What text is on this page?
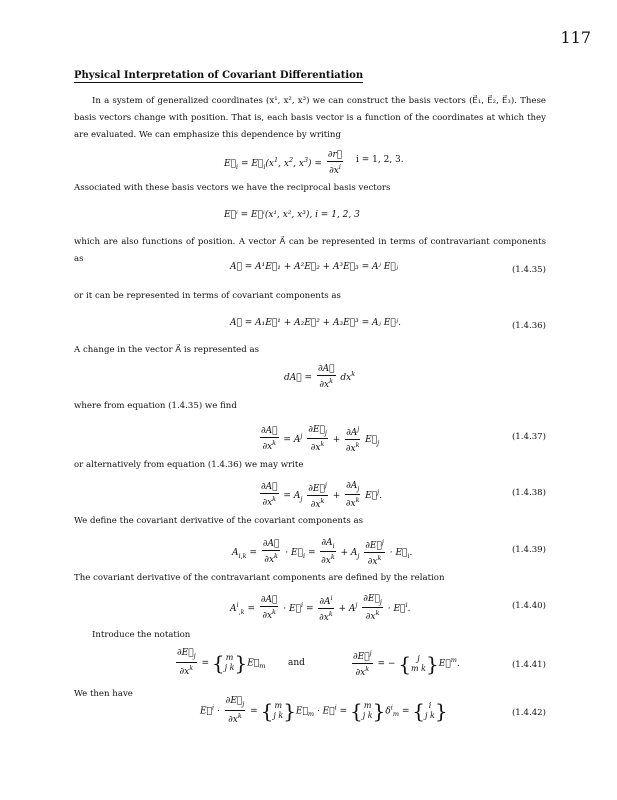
117
Physical Interpretation of Covariant Differentiation

In a system of generalized coordinates (x¹, x², x³) we can construct the basis vectors (E⃗₁, E⃗₂, E⃗₃). These basis vectors change with position. That is, each basis vector is a function of the coordinates at which they are evaluated. We can emphasize this dependence by writing

$E⃗_i$ = $E⃗_i(x^1$, $x^2$, $x^3) = \frac{\partial r⃗}{\partial x^i}$ i = 1, 2, 3.

Associated with these basis vectors we have the reciprocal basis vectors

E⃗ⁱ = E⃗ⁱ(x¹, x², x³), i = 1, 2, 3

which are also functions of position. A vector A⃗ can be represented in terms of contravariant components as

A⃗ = A¹E⃗₁ + A²E⃗₂ + A³E⃗₃ = Aʲ E⃗ⱼ	(1.4.35)

or it can be represented in terms of covariant components as

A⃗ = A₁E⃗¹ + A₂E⃗² + A₃E⃗³ = Aⱼ E⃗ʲ.	(1.4.36)

A change in the vector A⃗ is represented as

dA⃗ = $\frac{\partial A⃗}{\partial x^k} dx^k$

where from equation (1.4.35) we find

$\frac{\partial A⃗}{\partial x^k} = A^j \frac{\partial E⃗_j}{\partial x^k} + \frac{\partial A^j}{\partial x^k}$ $E⃗_j$
(1.4.37)

or alternatively from equation (1.4.36) we may write

$\frac{\partial A⃗}{\partial x^k} = A_j \frac{\partial E⃗^j}{\partial x^k} + \frac{\partial A_j}{\partial x^k}$ E⃗$^j$.	(1.4.38)

We define the covariant derivative of the covariant components as

$A_{i,k} = \frac{\partial A⃗}{\partial x^k}$ · $E⃗_i = \frac{\partial A_i}{\partial x^k} + A_j \frac{\partial E⃗^j}{\partial x^k}$ · $E⃗_i$.	(1.4.39)

The covariant derivative of the contravariant components are defined by the relation

$A^i_{,k} = \frac{\partial A⃗}{\partial x^k}$ · E⃗$^i$ = $\frac{\partial A^i}{\partial x^k} + A^j \frac{\partial E⃗_j}{\partial x^k}$ · E⃗$^i$.	(1.4.40)

Introduce the notation

$\frac{\partial E⃗_j}{\partial x^k}$ = { m
j k }$E⃗_m$	and	$\frac{\partial E⃗^j}{\partial x^k}$ = − { j
m k }E⃗$^m$.	(1.4.41)

We then have

E⃗$^i$ · $\frac{\partial E⃗_j}{\partial x^k}$ = { m
j k }$E⃗_m$ · E⃗$^i$ = { m
j k }$\delta^i_m$ = { i
j k }	(1.4.42)
